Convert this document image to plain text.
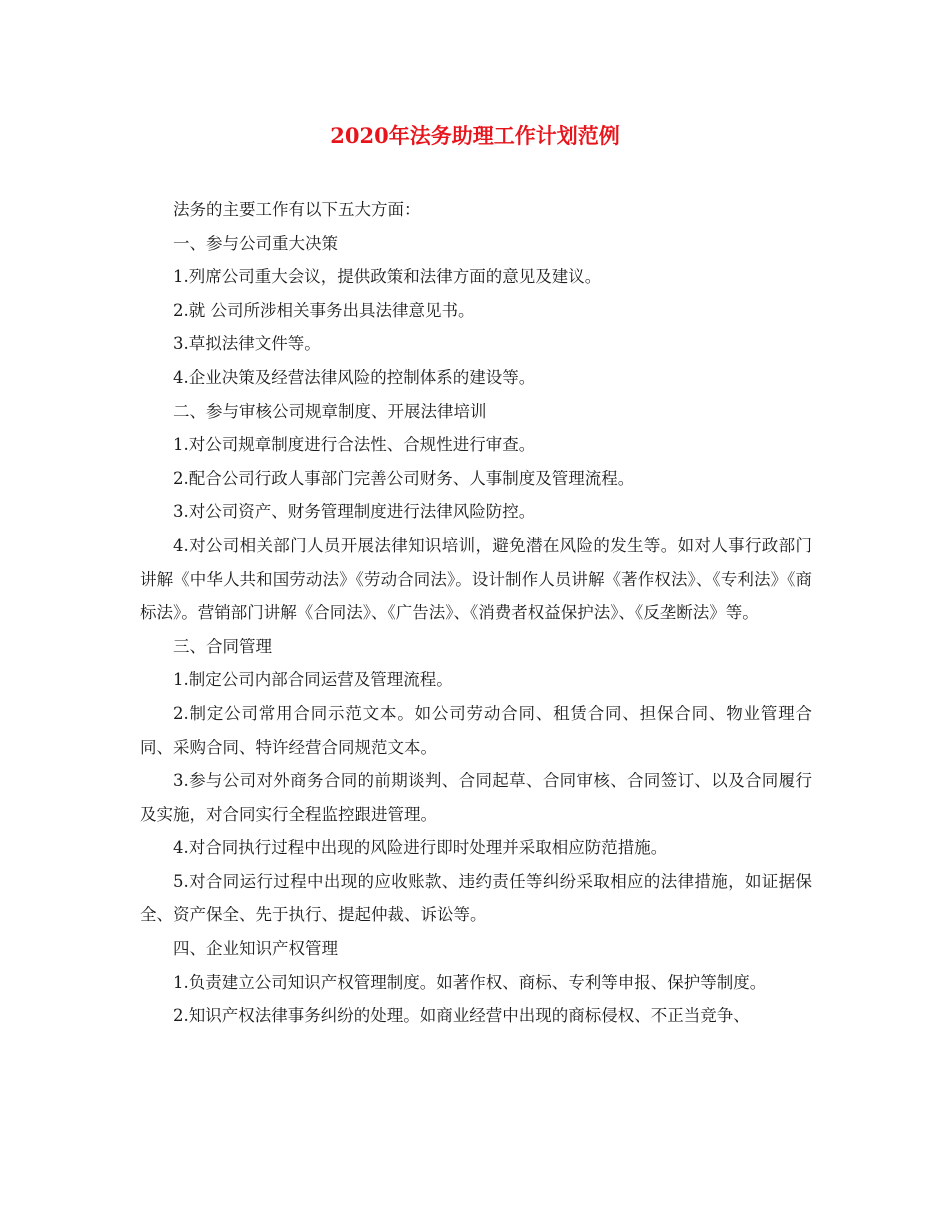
2020年法务助理工作计划范例

法务的主要工作有以下五大方面：

一、参与公司重大决策

1.列席公司重大会议，提供政策和法律方面的意见及建议。

2.就 公司所涉相关事务出具法律意见书。

3.草拟法律文件等。

4.企业决策及经营法律风险的控制体系的建设等。

二、参与审核公司规章制度、开展法律培训

1.对公司规章制度进行合法性、合规性进行审查。

2.配合公司行政人事部门完善公司财务、人事制度及管理流程。

3.对公司资产、财务管理制度进行法律风险防控。

4.对公司相关部门人员开展法律知识培训，避免潜在风险的发生等。如对人事行政部门讲解《中华人共和国劳动法》《劳动合同法》。设计制作人员讲解《著作权法》、《专利法》《商标法》。营销部门讲解《合同法》、《广告法》、《消费者权益保护法》、《反垄断法》等。

三、合同管理

1.制定公司内部合同运营及管理流程。

2.制定公司常用合同示范文本。如公司劳动合同、租赁合同、担保合同、物业管理合同、采购合同、特许经营合同规范文本。

3.参与公司对外商务合同的前期谈判、合同起草、合同审核、合同签订、以及合同履行及实施，对合同实行全程监控跟进管理。

4.对合同执行过程中出现的风险进行即时处理并采取相应防范措施。

5.对合同运行过程中出现的应收账款、违约责任等纠纷采取相应的法律措施，如证据保全、资产保全、先于执行、提起仲裁、诉讼等。

四、企业知识产权管理

1.负责建立公司知识产权管理制度。如著作权、商标、专利等申报、保护等制度。

2.知识产权法律事务纠纷的处理。如商业经营中出现的商标侵权、不正当竞争、
